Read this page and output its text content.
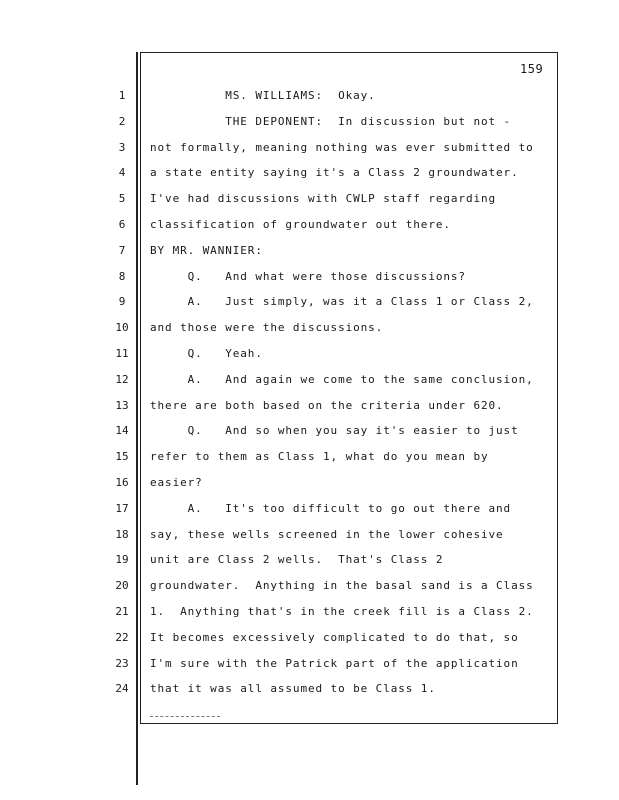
159
1	MS. WILLIAMS:  Okay.
2	THE DEPONENT:  In discussion but not -
3	not formally, meaning nothing was ever submitted to
4	a state entity saying it's a Class 2 groundwater.
5	I've had discussions with CWLP staff regarding
6	classification of groundwater out there.
7	BY MR. WANNIER:
8	Q.   And what were those discussions?
9	A.   Just simply, was it a Class 1 or Class 2,
10	and those were the discussions.
11	Q.   Yeah.
12	A.   And again we come to the same conclusion,
13	there are both based on the criteria under 620.
14	Q.   And so when you say it's easier to just
15	refer to them as Class 1, what do you mean by
16	easier?
17	A.   It's too difficult to go out there and
18	say, these wells screened in the lower cohesive
19	unit are Class 2 wells.  That's Class 2
20	groundwater.  Anything in the basal sand is a Class
21	1.  Anything that's in the creek fill is a Class 2.
22	It becomes excessively complicated to do that, so
23	I'm sure with the Patrick part of the application
24	that it was all assumed to be Class 1.
